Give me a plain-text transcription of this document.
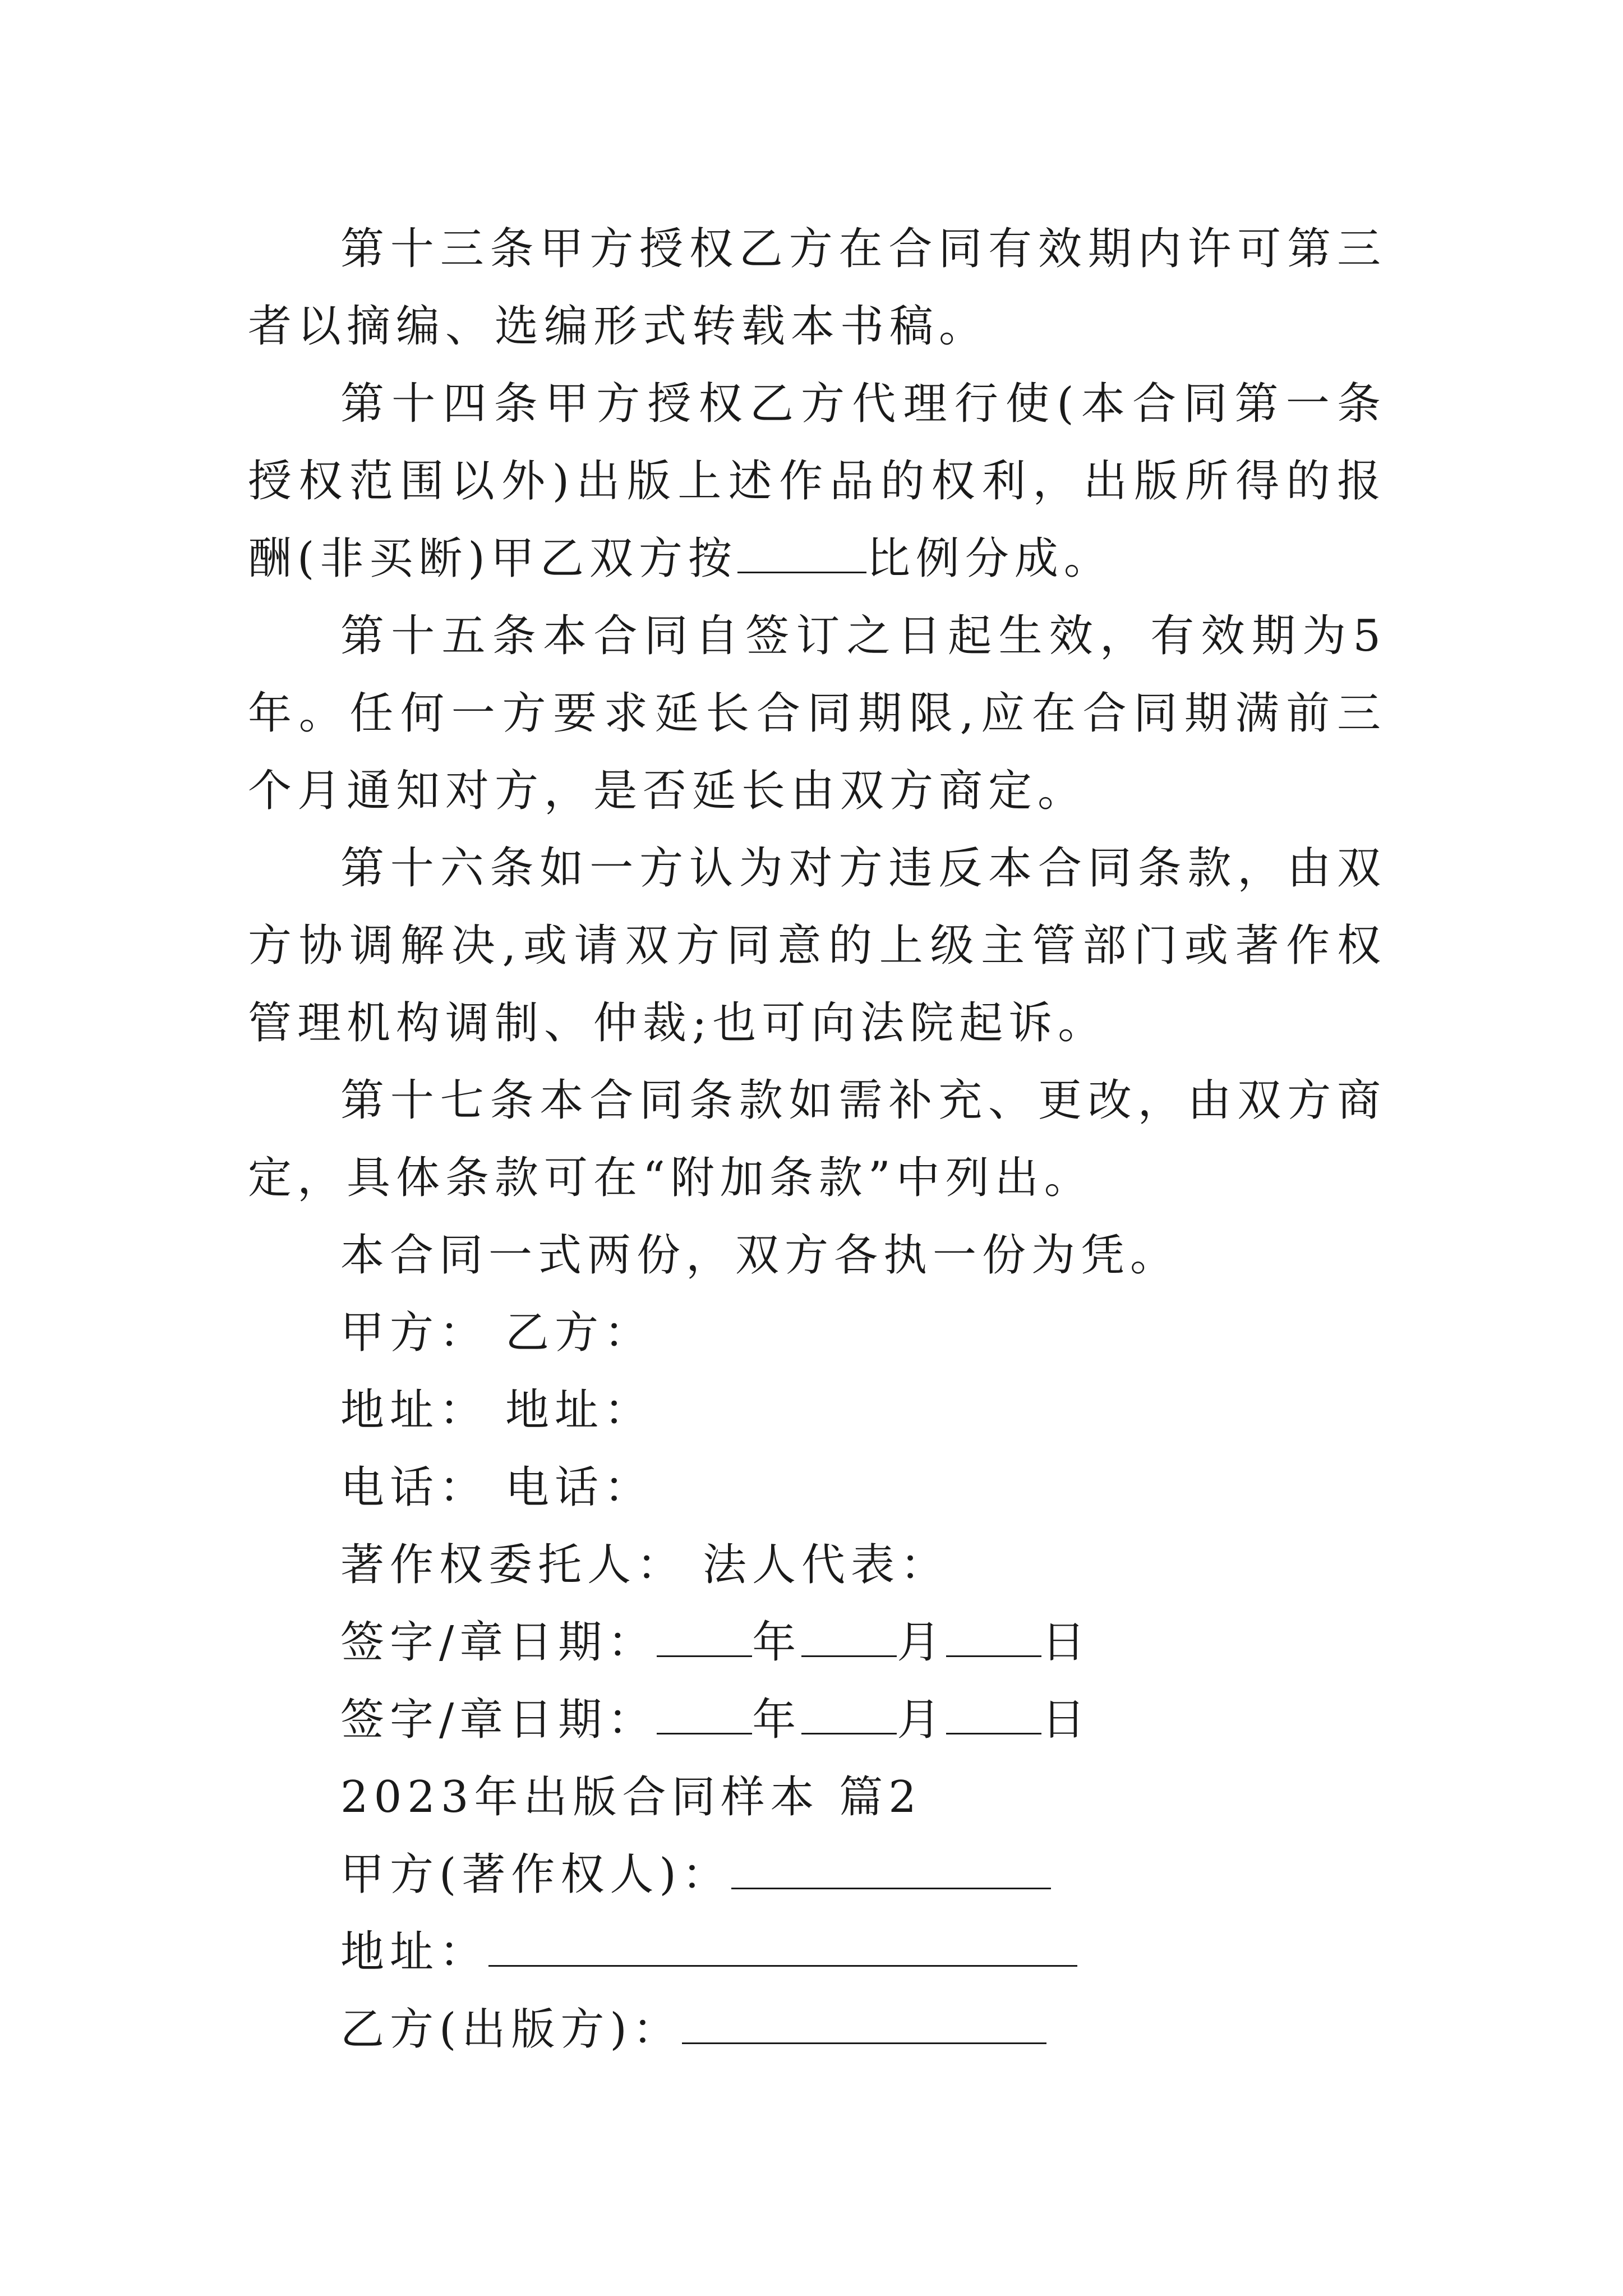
第十三条甲方授权乙方在合同有效期内许可第三者以摘编、选编形式转载本书稿。

第十四条甲方授权乙方代理行使(本合同第一条授权范围以外)出版上述作品的权利，出版所得的报酬(非买断)甲乙双方按	比例分成。

第十五条本合同自签订之日起生效，有效期为5年。任何一方要求延长合同期限,应在合同期满前三个月通知对方，是否延长由双方商定。

第十六条如一方认为对方违反本合同条款，由双方协调解决,或请双方同意的上级主管部门或著作权管理机构调制、仲裁;也可向法院起诉。

第十七条本合同条款如需补充、更改，由双方商定，具体条款可在“附加条款”中列出。

本合同一式两份，双方各执一份为凭。

甲方： 乙方：

地址： 地址：

电话： 电话：

著作权委托人： 法人代表：

签字/章日期： 年 月 日

签字/章日期： 年 月 日

2023年出版合同样本 篇2

甲方(著作权人)：

地址：

乙方(出版方)：
